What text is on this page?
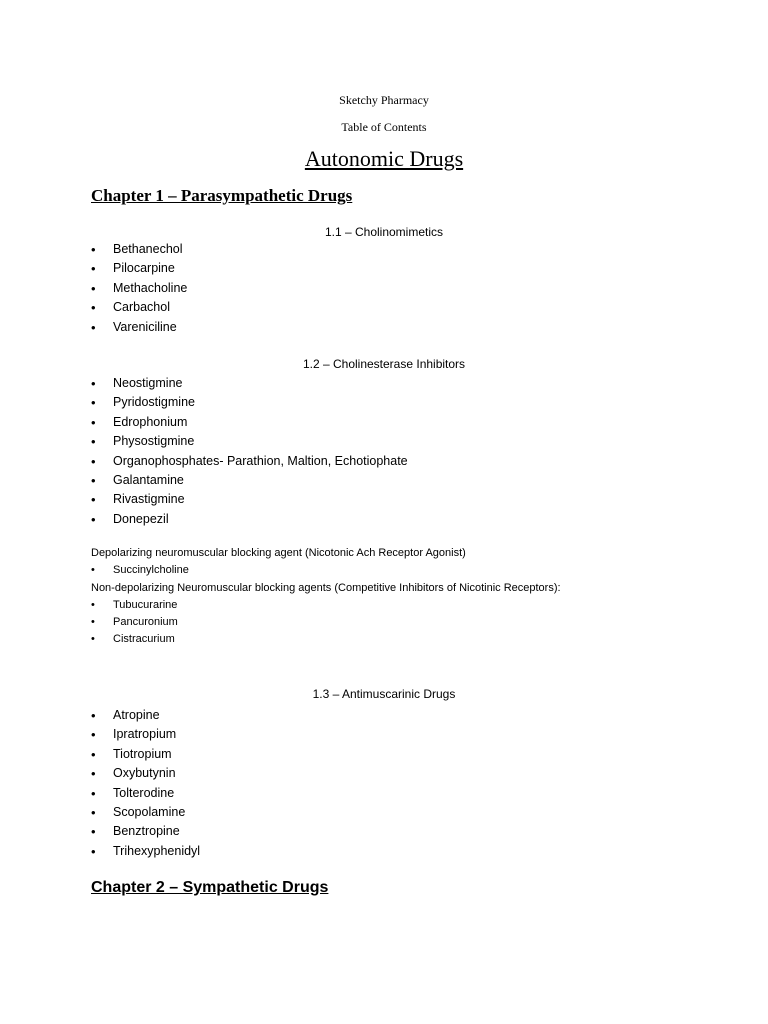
Sketchy Pharmacy

Table of Contents

Autonomic Drugs
Chapter 1 – Parasympathetic Drugs

1.1 – Cholinomimetics

• Bethanechol
• Pilocarpine
• Methacholine
• Carbachol
• Vareniciline

1.2 – Cholinesterase Inhibitors

• Neostigmine
• Pyridostigmine
• Edrophonium
• Physostigmine
• Organophosphates- Parathion, Maltion, Echotiophate
• Galantamine
• Rivastigmine
• Donepezil

Depolarizing neuromuscular blocking agent (Nicotonic Ach Receptor Agonist)

• Succinylcholine

Non-depolarizing Neuromuscular blocking agents (Competitive Inhibitors of Nicotinic Receptors):

• Tubucurarine
• Pancuronium
• Cistracurium

1.3 – Antimuscarinic Drugs

• Atropine
• Ipratropium
• Tiotropium
• Oxybutynin
• Tolterodine
• Scopolamine
• Benztropine
• Trihexyphenidyl
Chapter 2 – Sympathetic Drugs
